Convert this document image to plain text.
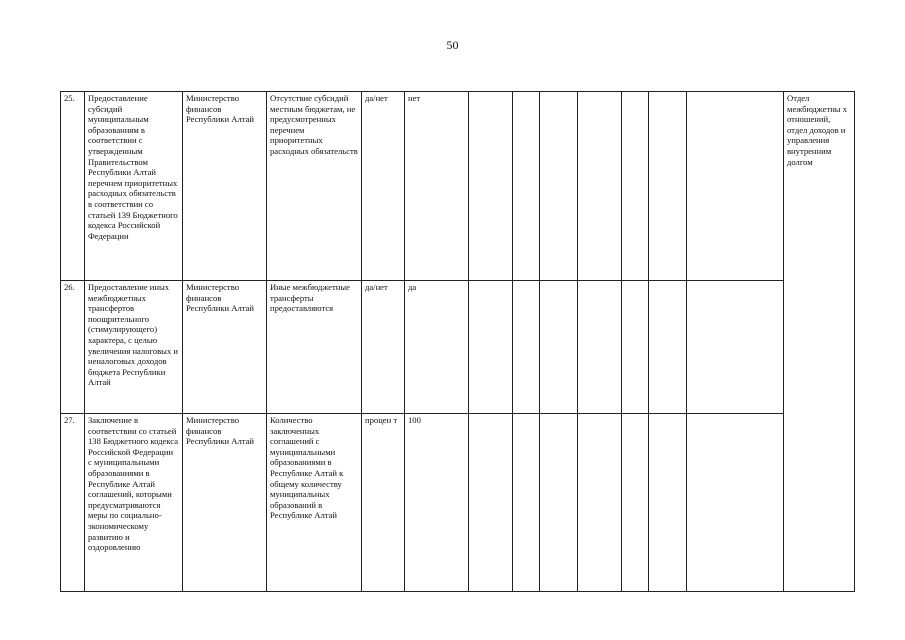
50
25.	Предоставление субсидий муниципальным образованиям в соответствии с утвержденным Правительством Республики Алтай перечнем приоритетных расходных обязательств в соответствии со статьей 139 Бюджетного кодекса Российской Федерации	Министерство финансов Республики Алтай	Отсутствие субсидий местным бюджетам, не предусмотренных перечнем приоритетных расходных обязательств	да/нет	нет								Отдел межбюджетны х отношений, отдел доходов и управления внутренним долгом
26.	Предоставление иных межбюджетных трансфертов поощрительного (стимулирующего) характера, с целью увеличения налоговых и неналоговых доходов бюджета Республики Алтай	Министерство финансов Республики Алтай	Иные межбюджетные трансферты предоставляются	да/нет	да								
27.	Заключение в соответствии со статьей 138 Бюджетного кодекса Российской Федерации с муниципальными образованиями в Республике Алтай соглашений, которыми предусматриваются меры по социально-экономическому развитию и оздоровлению	Министерство финансов Республики Алтай	Количество заключенных соглашений с муниципальными образованиями в Республике Алтай к общему количеству муниципальных образований в Республике Алтай	процен т	100								
